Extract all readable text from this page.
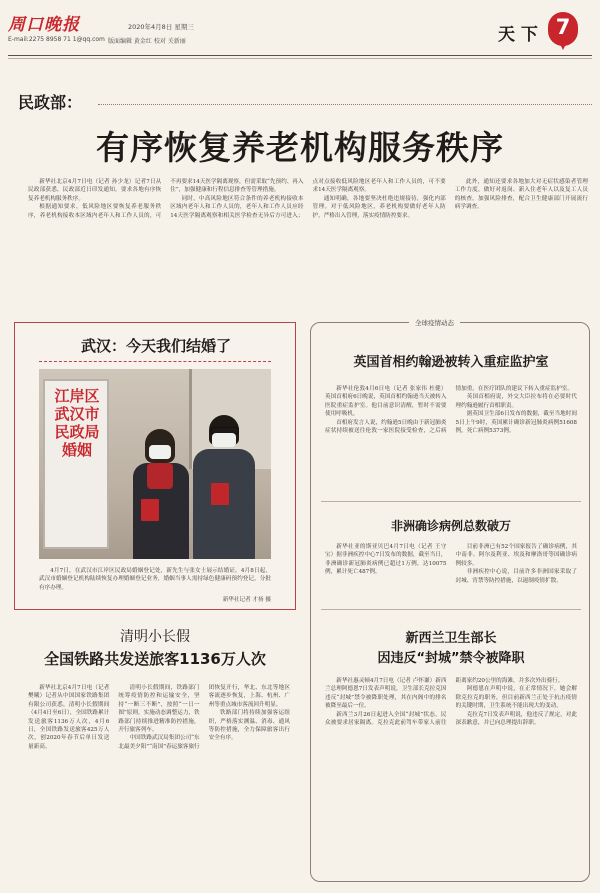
周口晚报
E-mail:2275 8958 71 1@qq.com
2020年4月8日 星期三
版面编辑 黄金红 校对 关新丽	天 下 7
民政部：
有序恢复养老机构服务秩序

新华社北京4月7日电（记者 孙少龙）记者7日从民政部获悉，民政部近日印发通知，要求各地有序恢复养老机构服务秩序。

根据通知要求，低风险地区要恢复养老服务秩序，养老机构接收本区域内老年人和工作人员的，可不再要求14天医学隔离观察，但需采取“先预约、再入住”，加强健康和行程信息排查等管理措施。

同时，中高风险地区符合条件的养老机构接收本区域内老年人和工作人员的，老年人和工作人员应经14天医学隔离观察和相关医学检查无异后方可进入；点对点接收低风险地区老年人和工作人员的，可不要求14天医学隔离观察。

通知明确，各地要坚决杜绝违规接待，强化内部管理。对于低风险地区，养老机构要做好老年人防护，严格出入管理，落实疫情防控要求。

此外，通知还要求各地加大对无症状感染者管理工作力度，做好对返岗、新入住老年人以及复工人员的核查，加强风险排查，配合卫生健康部门开展流行病学调查。

武汉：今天我们结婚了
江岸区 武汉市民政局婚姻
4月7日，在武汉市江岸区民政局婚姻登记处，新先生与张女士展示结婚证。4月8日起，武汉市婚姻登记机构陆续恢复办理婚姻登记业务，婚姻当事人需持绿色健康码预约登记，分批有序办理。
新华社记者 才扬 摄
清明小长假
全国铁路共发送旅客1136万人次

新华社北京4月7日电（记者 樊曦）记者从中国国家铁路集团有限公司获悉，清明小长假期间（4月4日至6日），全国铁路累计发送旅客1136万人次，4月6日，全国铁路发送旅客425万人次，创2020年春节后单日发送量新高。

清明小长假期间，铁路部门统筹疫情防控和运输安全，坚持“一断三不断”，按照“一日一图”原则，实施动态调整运力，铁路部门持续推进精准防控措施，开行旅客列车。

中国铁路武汉局集团公司“东北最美夕阳”“南国”春运旅客旅行团恢复开行，华北、东北等地区客流逐步恢复，上海、杭州、广州等重点城市客流回升明显。

铁路部门将持续加强客运组织，严格落实测温、消毒、通风等防控措施，全力保障旅客出行安全有序。

全球疫情动态
英国首相约翰逊被转入重症监护室

新华社伦敦4月6日电（记者 张家伟 杜健）英国首相府6日晚说，英国首相约翰逊当天被转入医院重症监护室。他目前意识清醒，暂时不需要使用呼吸机。

首相府发言人说，约翰逊5日晚由于新冠肺炎症状持续被送往伦敦一家医院接受检查，之后病情加重，在医疗团队的建议下转入重症监护室。

英国首相府说，外交大臣拉布将在必要时代理约翰逊履行首相职责。

据英国卫生部6日发布的数据，截至当地时间5日上午9时，英国累计确诊新冠肺炎病例51608例，死亡病例5373例。

非洲确诊病例总数破万

新华社亚的斯亚贝巴4月7日电（记者 王守宝）据非洲疾控中心7日发布的数据，截至当日，非洲确诊新冠肺炎病例已超过1万例，达10075例，累计死亡487例。

目前非洲已有52个国家报告了确诊病例，其中南非、阿尔及利亚、埃及和摩洛哥等国确诊病例较多。

非洲疾控中心说，目前许多非洲国家采取了封城、宵禁等防控措施，以遏制疫情扩散。

新西兰卫生部长
因违反“封城”禁令被降职

新华社惠灵顿4月7日电（记者 卢怀谦）新西兰总理阿德恩7日发表声明说，卫生部长克拉克因违反“封城”禁令被降职处理，其在内阁中的排名被降至最后一位。

新西兰3月26日起进入全国“封城”状态，民众被要求居家隔离。克拉克此前驾车带家人前往距离家约20公里的海滩，并多次外出骑行。

阿德恩在声明中说，在正常情况下，她会解除克拉克的职务，但目前新西兰正处于抗击疫情的关键时期，卫生系统不能出现大的变动。

克拉克7日发表声明说，他违反了规定，对此深表歉意，并已向总理提出辞职。
